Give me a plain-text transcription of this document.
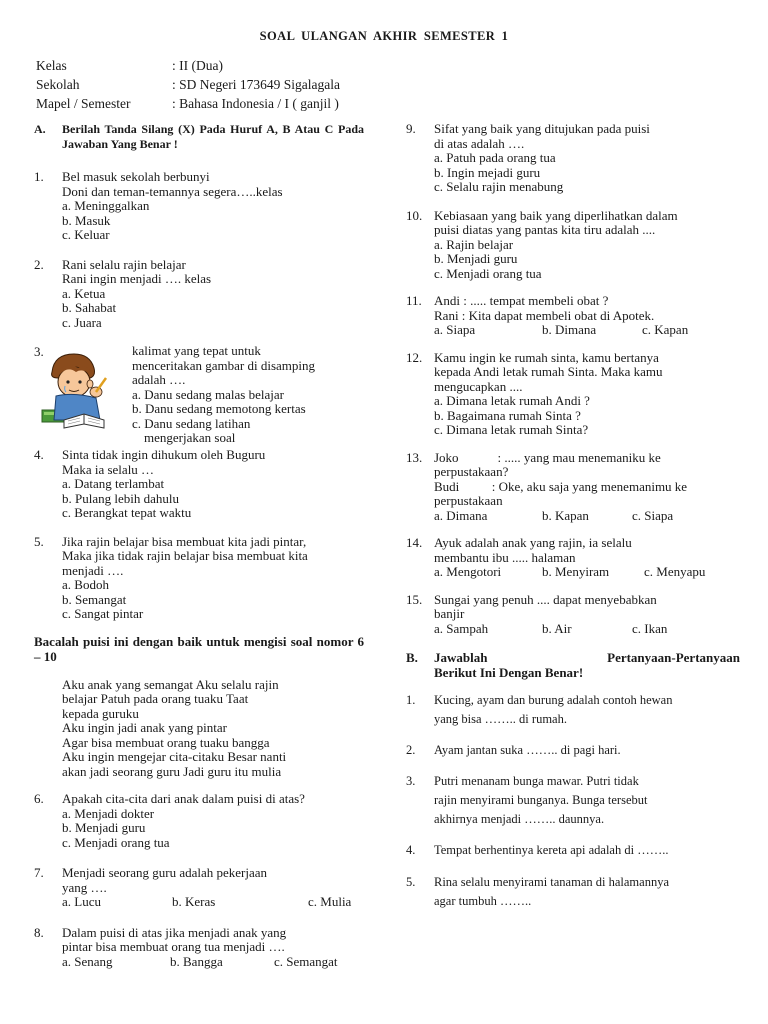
SOAL ULANGAN AKHIR SEMESTER 1
Kelas	: II (Dua)
Sekolah	: SD Negeri 173649 Sigalagala
Mapel / Semester	: Bahasa Indonesia / I ( ganjil )
A.	Berilah Tanda Silang (X) Pada Huruf A, B Atau C Pada Jawaban Yang Benar !
1.	Bel masuk sekolah berbunyi
Doni dan teman-temannya segera…..kelas
a. Meninggalkan
b. Masuk
c. Keluar
2.	Rani selalu rajin belajar
Rani ingin menjadi …. kelas
a. Ketua
b. Sahabat
c. Juara
3.	kalimat yang tepat untuk
menceritakan gambar di disamping
adalah ….
a. Danu sedang malas belajar
b. Danu sedang memotong kertas
c. Danu sedang latihan
mengerjakan soal
4.	Sinta tidak ingin dihukum oleh Buguru
Maka ia selalu …
a. Datang terlambat
b. Pulang lebih dahulu
c. Berangkat tepat waktu
5.	Jika rajin belajar bisa membuat kita jadi pintar,
Maka jika tidak rajin belajar bisa membuat kita
menjadi ….
a. Bodoh
b. Semangat
c. Sangat pintar
Bacalah puisi ini dengan baik untuk mengisi soal nomor 6 – 10
Aku anak yang semangat Aku selalu rajin
belajar Patuh pada orang tuaku Taat
kepada guruku
Aku ingin jadi anak yang pintar
Agar bisa membuat orang tuaku bangga
Aku ingin mengejar cita-citaku Besar nanti
akan jadi seorang guru Jadi guru itu mulia
6.	Apakah cita-cita dari anak dalam puisi di atas?
a. Menjadi dokter
b. Menjadi guru
c. Menjadi orang tua
7.	Menjadi seorang guru adalah pekerjaan
yang ….
a. Lucu	b. Keras	c. Mulia
8.	Dalam puisi di atas jika menjadi anak yang
pintar bisa membuat orang tua menjadi ….
a. Senang	b. Bangga	c. Semangat
9.	Sifat yang baik yang ditujukan pada puisi
di atas adalah ….
a. Patuh pada orang tua
b. Ingin mejadi guru
c. Selalu rajin menabung
10. Kebiasaan yang baik yang diperlihatkan dalam
puisi diatas yang pantas kita tiru adalah ....
a. Rajin belajar
b. Menjadi guru
c. Menjadi orang tua
11. Andi : ..... tempat membeli obat ?
Rani : Kita dapat membeli obat di Apotek.
a. Siapa	b. Dimana	c. Kapan
12. Kamu ingin ke rumah sinta, kamu bertanya
kepada Andi letak rumah Sinta. Maka kamu
mengucapkan ....
a. Dimana letak rumah Andi ?
b. Bagaimana rumah Sinta ?
c. Dimana letak rumah Sinta?
13. Joko            : ..... yang mau menemaniku ke
perpustakaan?
Budi          : Oke, aku saja yang menemanimu ke
perpustakaan
a. Dimana	b. Kapan	c. Siapa
14. Ayuk adalah anak yang rajin, ia selalu
membantu ibu ..... halaman
a. Mengotori	b. Menyiram	c. Menyapu
15. Sungai yang penuh .... dapat menyebabkan
banjir
a. Sampah	b. Air	c. Ikan
B.	Jawablah	Pertanyaan-Pertanyaan
Berikut Ini Dengan Benar!
1.	Kucing, ayam dan burung adalah contoh hewan
yang bisa …….. di rumah.
2.	Ayam jantan suka …….. di pagi hari.
3.	Putri menanam bunga mawar. Putri tidak
rajin menyirami bunganya. Bunga tersebut
akhirnya menjadi …….. daunnya.
4.	Tempat berhentinya kereta api adalah di ……..
5.	Rina selalu menyirami tanaman di halamannya
agar tumbuh ……..
